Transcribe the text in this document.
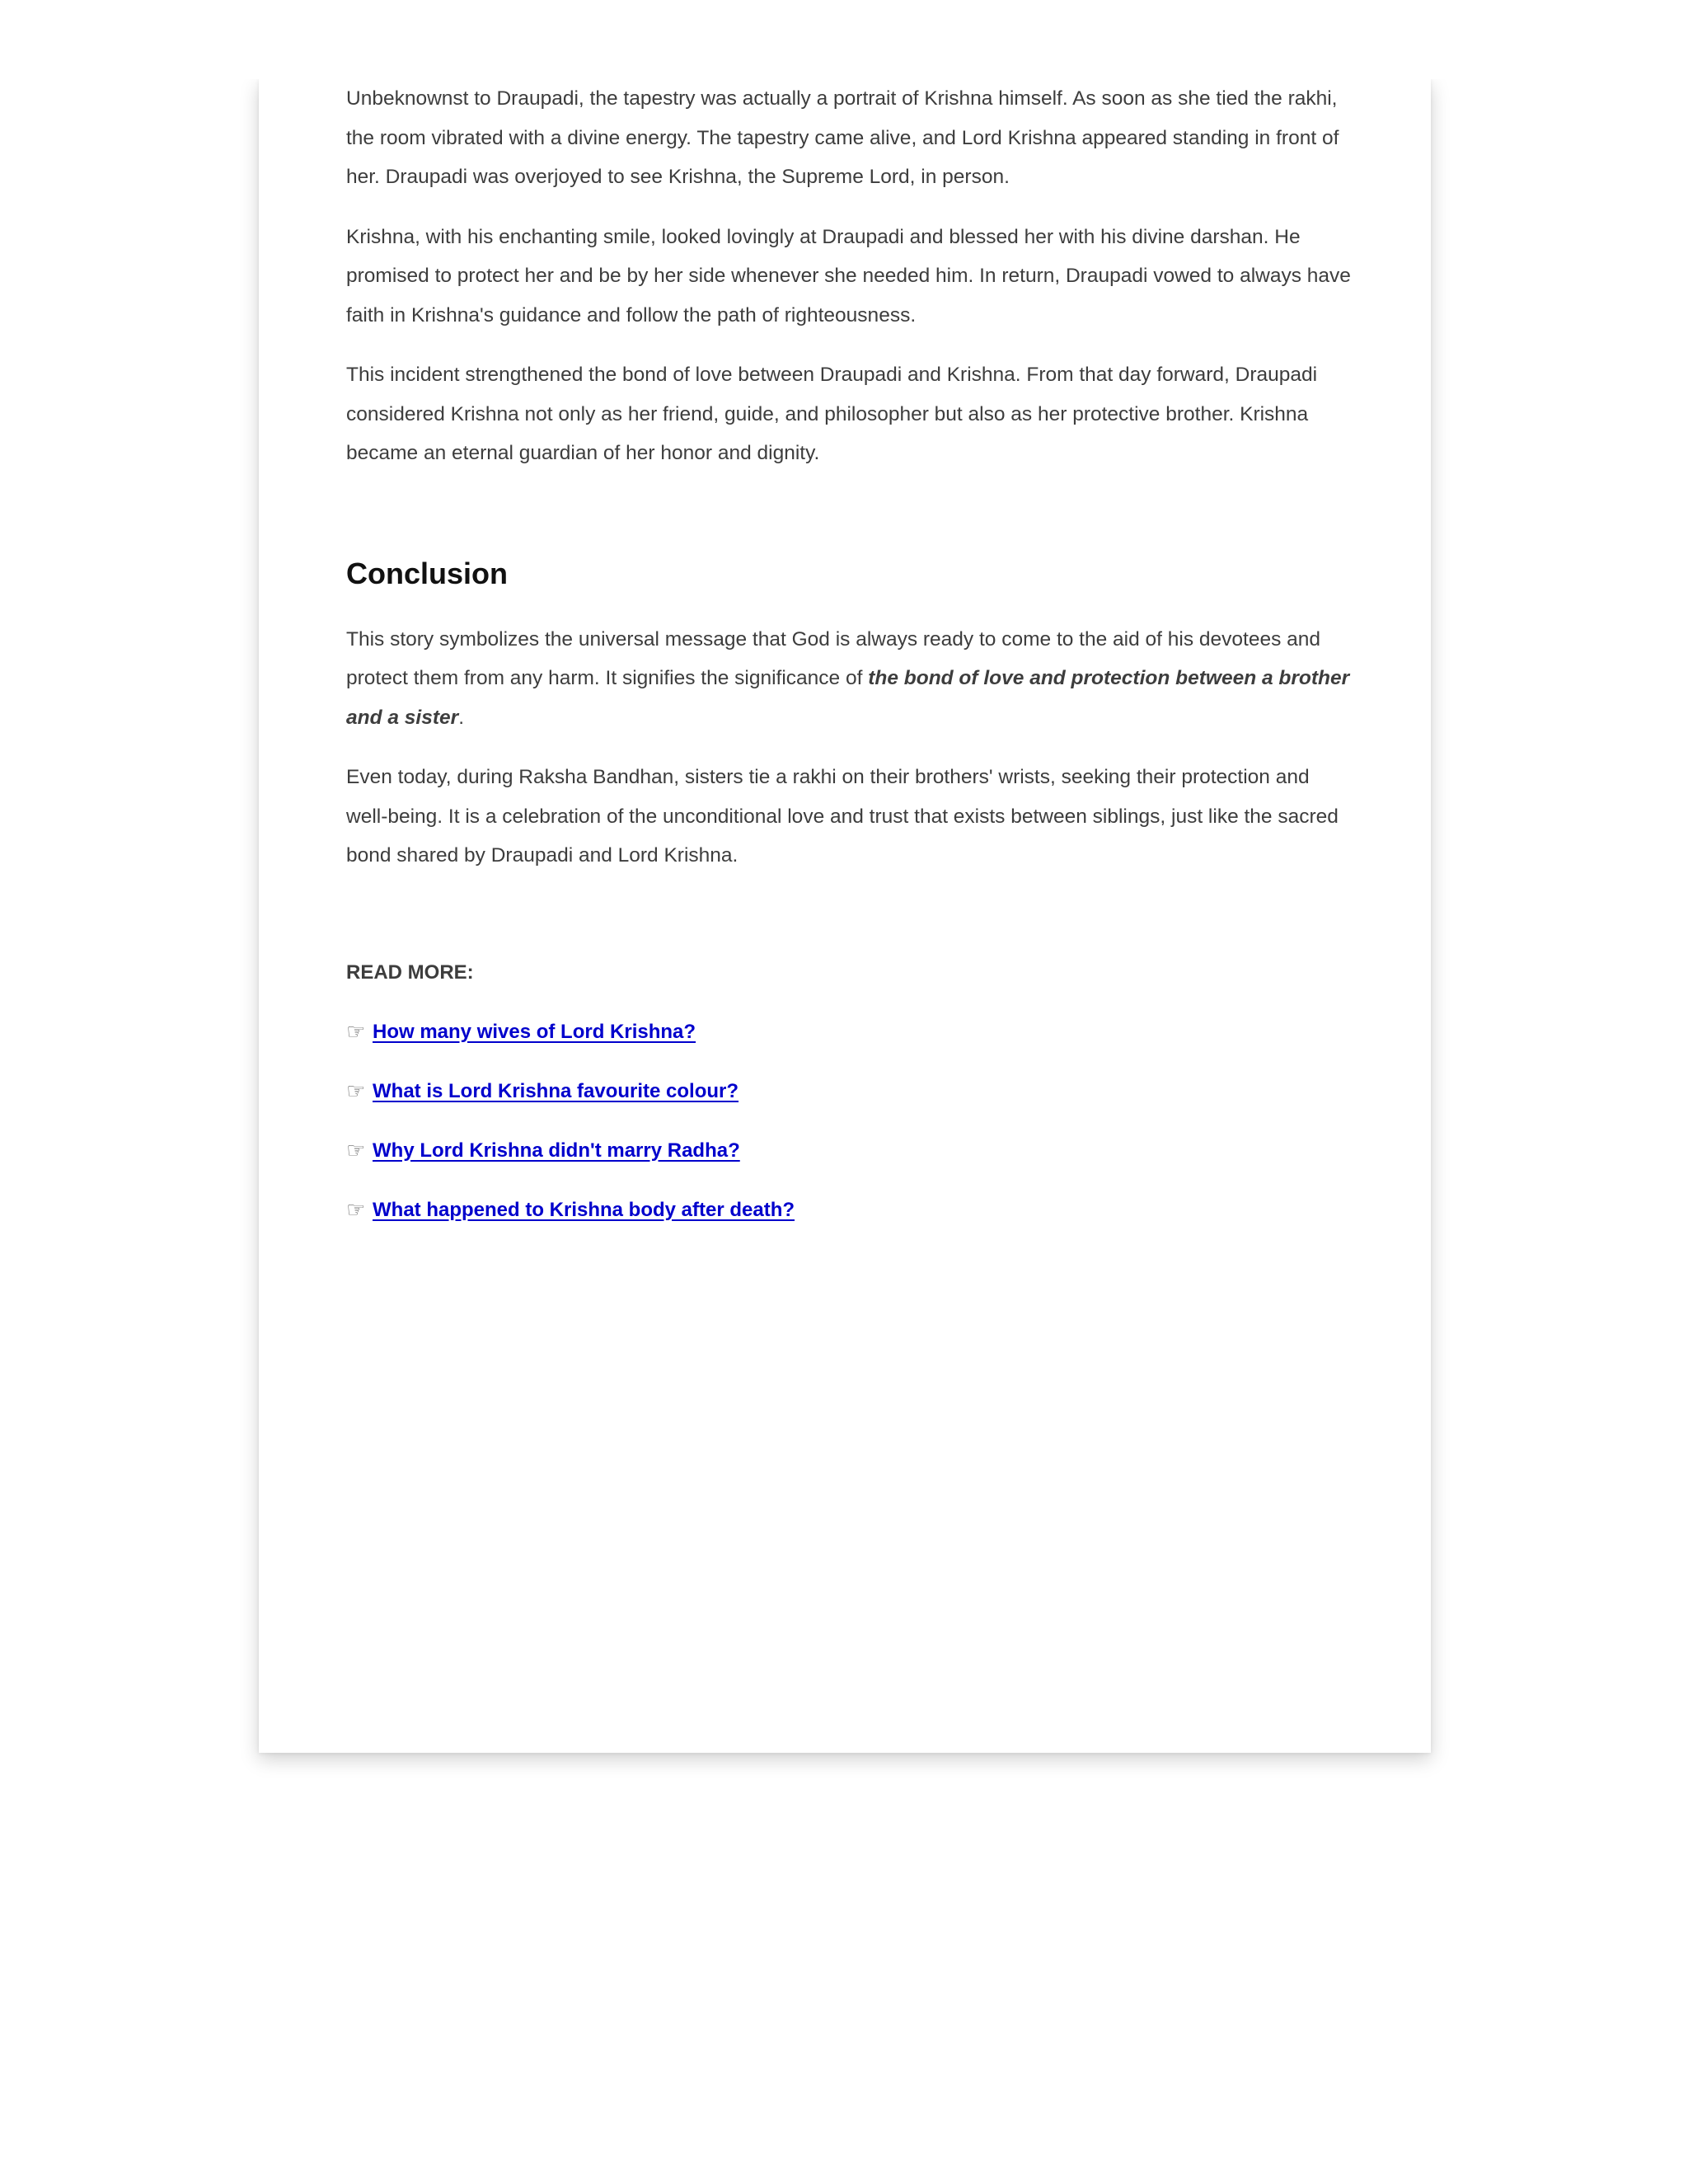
Unbeknownst to Draupadi, the tapestry was actually a portrait of Krishna himself. As soon as she tied the rakhi, the room vibrated with a divine energy. The tapestry came alive, and Lord Krishna appeared standing in front of her. Draupadi was overjoyed to see Krishna, the Supreme Lord, in person.

Krishna, with his enchanting smile, looked lovingly at Draupadi and blessed her with his divine darshan. He promised to protect her and be by her side whenever she needed him. In return, Draupadi vowed to always have faith in Krishna's guidance and follow the path of righteousness.

This incident strengthened the bond of love between Draupadi and Krishna. From that day forward, Draupadi considered Krishna not only as her friend, guide, and philosopher but also as her protective brother. Krishna became an eternal guardian of her honor and dignity.

Conclusion

This story symbolizes the universal message that God is always ready to come to the aid of his devotees and protect them from any harm. It signifies the significance of the bond of love and protection between a brother and a sister.

Even today, during Raksha Bandhan, sisters tie a rakhi on their brothers' wrists, seeking their protection and well-being. It is a celebration of the unconditional love and trust that exists between siblings, just like the sacred bond shared by Draupadi and Lord Krishna.

READ MORE:

☞ How many wives of Lord Krishna?
☞ What is Lord Krishna favourite colour?
☞ Why Lord Krishna didn't marry Radha?
☞ What happened to Krishna body after death?
